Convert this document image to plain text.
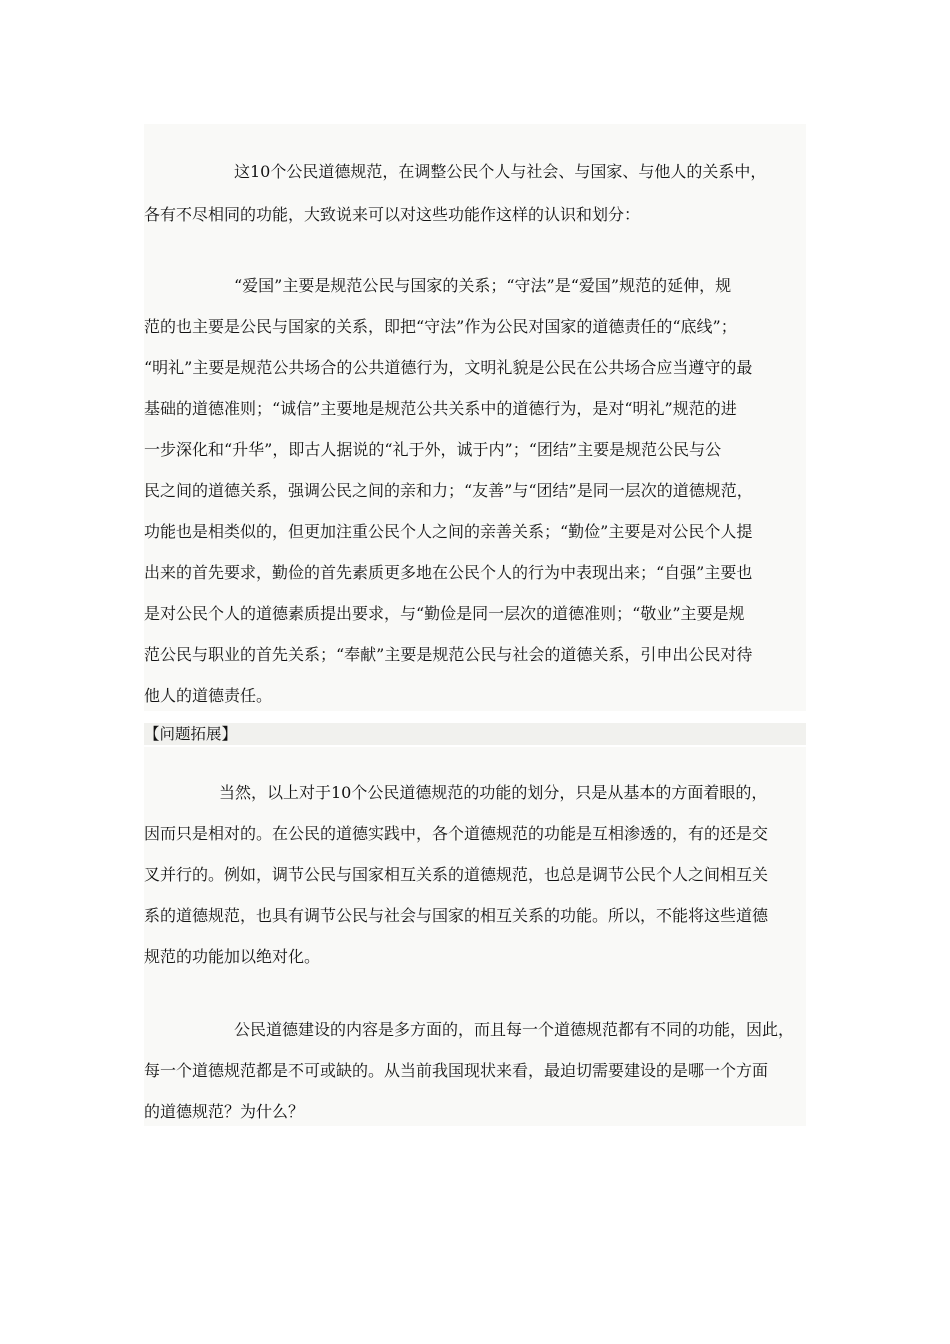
这10个公民道德规范，在调整公民个人与社会、与国家、与他人的关系中，
各有不尽相同的功能，大致说来可以对这些功能作这样的认识和划分：
“爱国”主要是规范公民与国家的关系；“守法”是“爱国”规范的延伸，规
范的也主要是公民与国家的关系，即把“守法”作为公民对国家的道德责任的“底线”；
“明礼”主要是规范公共场合的公共道德行为，文明礼貌是公民在公共场合应当遵守的最
基础的道德准则；“诚信”主要地是规范公共关系中的道德行为，是对“明礼”规范的进
一步深化和“升华”，即古人据说的“礼于外，诚于内”；“团结”主要是规范公民与公
民之间的道德关系，强调公民之间的亲和力；“友善”与“团结”是同一层次的道德规范，
功能也是相类似的，但更加注重公民个人之间的亲善关系；“勤俭”主要是对公民个人提
出来的首先要求，勤俭的首先素质更多地在公民个人的行为中表现出来；“自强”主要也
是对公民个人的道德素质提出要求，与“勤俭是同一层次的道德准则；“敬业”主要是规
范公民与职业的首先关系；“奉献”主要是规范公民与社会的道德关系，引申出公民对待
他人的道德责任。
【问题拓展】
当然，以上对于10个公民道德规范的功能的划分，只是从基本的方面着眼的，
因而只是相对的。在公民的道德实践中，各个道德规范的功能是互相渗透的，有的还是交
叉并行的。例如，调节公民与国家相互关系的道德规范，也总是调节公民个人之间相互关
系的道德规范，也具有调节公民与社会与国家的相互关系的功能。所以，不能将这些道德
规范的功能加以绝对化。
公民道德建设的内容是多方面的，而且每一个道德规范都有不同的功能，因此，
每一个道德规范都是不可或缺的。从当前我国现状来看，最迫切需要建设的是哪一个方面
的道德规范？为什么？
